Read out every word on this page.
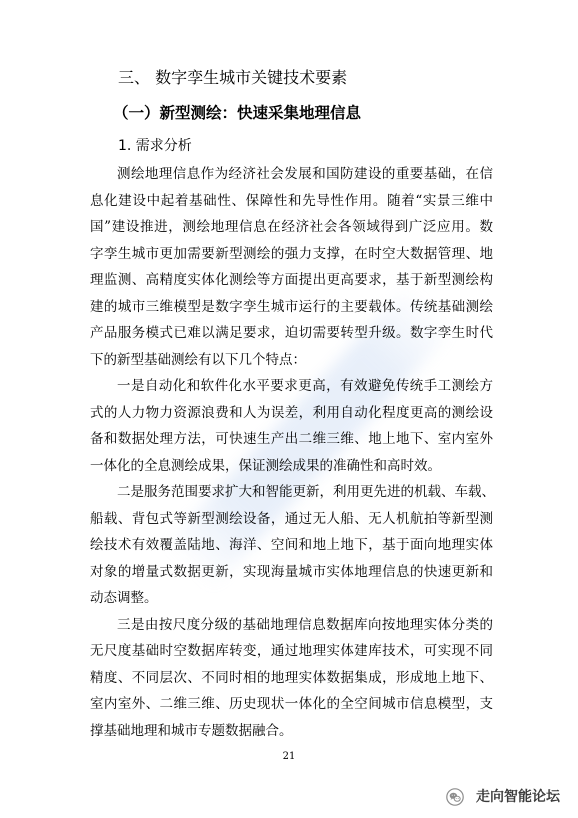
三、 数字孪生城市关键技术要素
（一）新型测绘：快速采集地理信息
1. 需求分析
测绘地理信息作为经济社会发展和国防建设的重要基础，在信
息化建设中起着基础性、保障性和先导性作用。随着“实景三维中
国”建设推进，测绘地理信息在经济社会各领域得到广泛应用。数
字孪生城市更加需要新型测绘的强力支撑，在时空大数据管理、地
理监测、高精度实体化测绘等方面提出更高要求，基于新型测绘构
建的城市三维模型是数字孪生城市运行的主要载体。传统基础测绘
产品服务模式已难以满足要求，迫切需要转型升级。数字孪生时代
下的新型基础测绘有以下几个特点：
一是自动化和软件化水平要求更高，有效避免传统手工测绘方
式的人力物力资源浪费和人为误差，利用自动化程度更高的测绘设
备和数据处理方法，可快速生产出二维三维、地上地下、室内室外
一体化的全息测绘成果，保证测绘成果的准确性和高时效。
二是服务范围要求扩大和智能更新，利用更先进的机载、车载、
船载、背包式等新型测绘设备，通过无人船、无人机航拍等新型测
绘技术有效覆盖陆地、海洋、空间和地上地下，基于面向地理实体
对象的增量式数据更新，实现海量城市实体地理信息的快速更新和
动态调整。
三是由按尺度分级的基础地理信息数据库向按地理实体分类的
无尺度基础时空数据库转变，通过地理实体建库技术，可实现不同
精度、不同层次、不同时相的地理实体数据集成，形成地上地下、
室内室外、二维三维、历史现状一体化的全空间城市信息模型，支
撑基础地理和城市专题数据融合。
21
走向智能论坛
